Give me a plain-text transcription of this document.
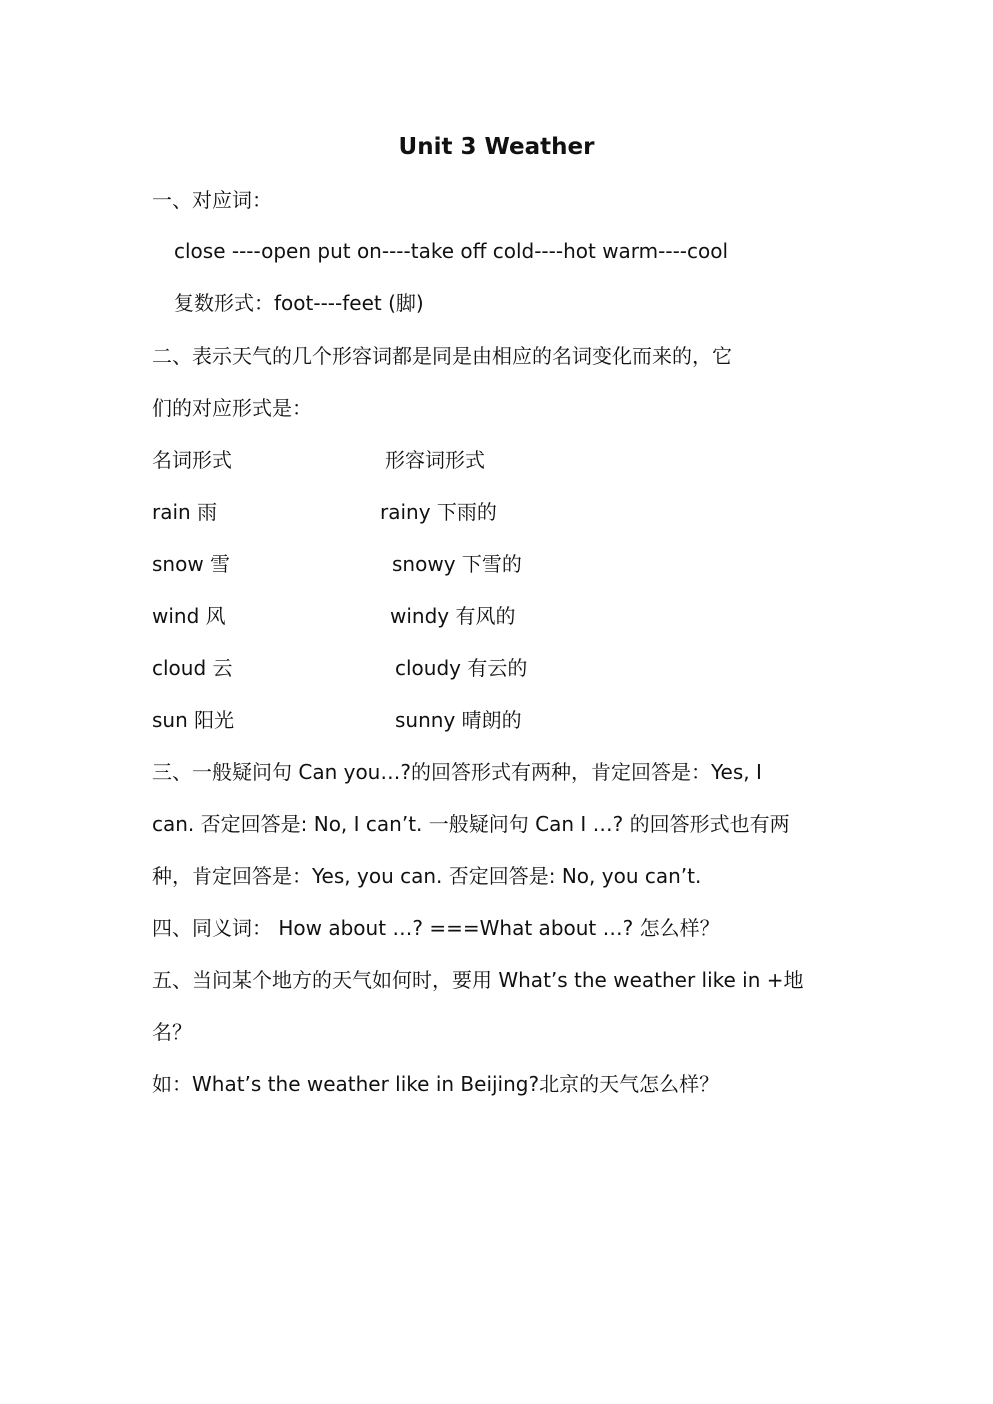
Unit 3 Weather
一、对应词：
close ----open put on----take off cold----hot warm----cool
复数形式：foot----feet (脚)
二、表示天气的几个形容词都是同是由相应的名词变化而来的，它
们的对应形式是：
名词形式	形容词形式
rain 雨	rainy 下雨的
snow 雪	snowy 下雪的
wind 风	windy 有风的
cloud 云	cloudy 有云的
sun 阳光	sunny 晴朗的
三、一般疑问句 Can you…?的回答形式有两种，肯定回答是：Yes, I
can. 否定回答是: No, I can’t. 一般疑问句 Can I …? 的回答形式也有两
种，肯定回答是：Yes, you can. 否定回答是: No, you can’t.
四、同义词： How about …? ===What about …? 怎么样？
五、当问某个地方的天气如何时，要用 What’s the weather like in +地
名？
如：What’s the weather like in Beijing?北京的天气怎么样？
